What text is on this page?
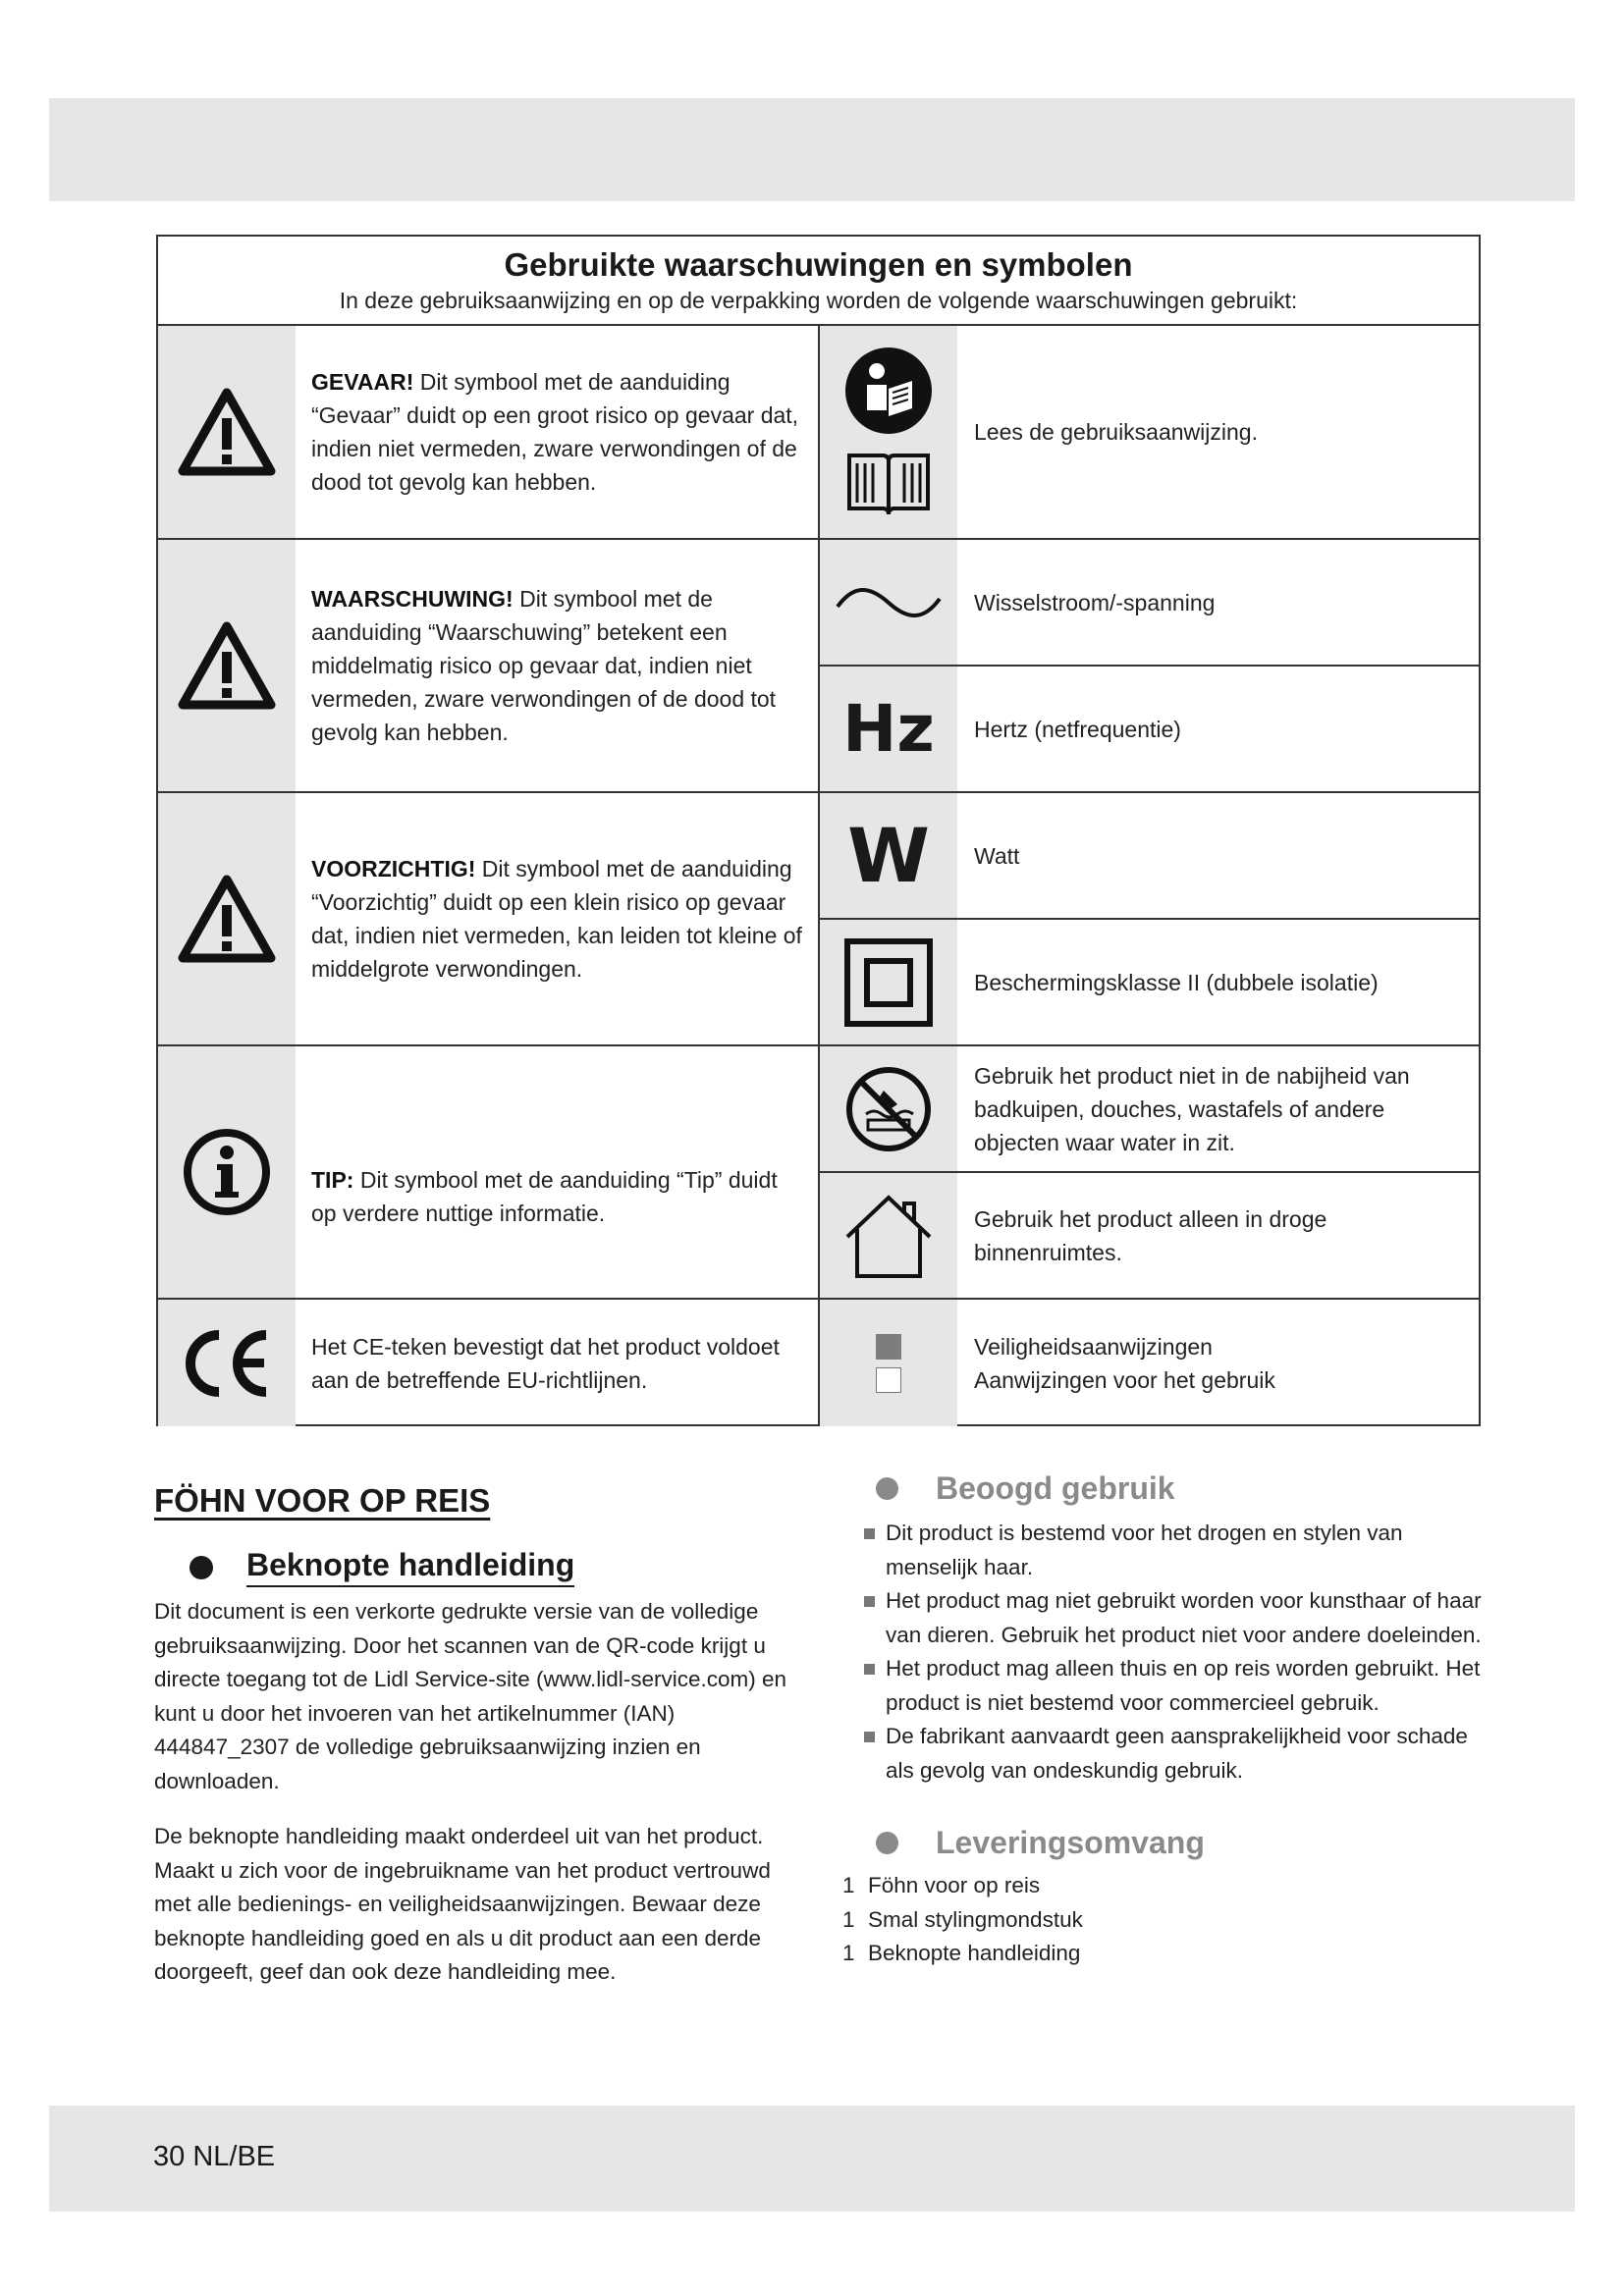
Gebruikte waarschuwingen en symbolen
In deze gebruiksaanwijzing en op de verpakking worden de volgende waarschuwingen gebruikt:
GEVAAR! Dit symbool met de aanduiding “Gevaar” duidt op een groot risico op gevaar dat, indien niet vermeden, zware verwondingen of de dood tot gevolg kan hebben.
WAARSCHUWING! Dit symbool met de aanduiding “Waarschuwing” betekent een middelmatig risico op gevaar dat, indien niet vermeden, zware verwondingen of de dood tot gevolg kan hebben.
VOORZICHTIG! Dit symbool met de aanduiding “Voorzichtig” duidt op een klein risico op gevaar dat, indien niet vermeden, kan leiden tot kleine of middelgrote verwondingen.
TIP: Dit symbool met de aanduiding “Tip” duidt op verdere nuttige informatie.
Het CE-teken bevestigt dat het product voldoet aan de betreffende EU-richtlijnen.
Lees de gebruiksaanwijzing.
Wisselstroom/-spanning
Hz Hertz (netfrequentie)
W Watt
Beschermingsklasse II (dubbele isolatie)
Gebruik het product niet in de nabijheid van badkuipen, douches, wastafels of andere objecten waar water in zit.
Gebruik het product alleen in droge binnenruimtes.
Veiligheidsaanwijzingen
Aanwijzingen voor het gebruik
FÖHN VOOR OP REIS
Beknopte handleiding

Dit document is een verkorte gedrukte versie van de volledige gebruiksaanwijzing. Door het scannen van de QR-code krijgt u directe toegang tot de Lidl Service-site (www.lidl-service.com) en kunt u door het invoeren van het artikelnummer (IAN) 444847_2307 de volledige gebruiksaanwijzing inzien en downloaden.

De beknopte handleiding maakt onderdeel uit van het product. Maakt u zich voor de ingebruikname van het product vertrouwd met alle bedienings- en veiligheidsaanwijzingen. Bewaar deze beknopte handleiding goed en als u dit product aan een derde doorgeeft, geef dan ook deze handleiding mee.

Beoogd gebruik
Dit product is bestemd voor het drogen en stylen van menselijk haar.
Het product mag niet gebruikt worden voor kunsthaar of haar van dieren. Gebruik het product niet voor andere doeleinden.
Het product mag alleen thuis en op reis worden gebruikt. Het product is niet bestemd voor commercieel gebruik.
De fabrikant aanvaardt geen aansprakelijkheid voor schade als gevolg van ondeskundig gebruik.
Leveringsomvang
1 Föhn voor op reis
1 Smal stylingmondstuk
1 Beknopte handleiding
30 NL/BE
